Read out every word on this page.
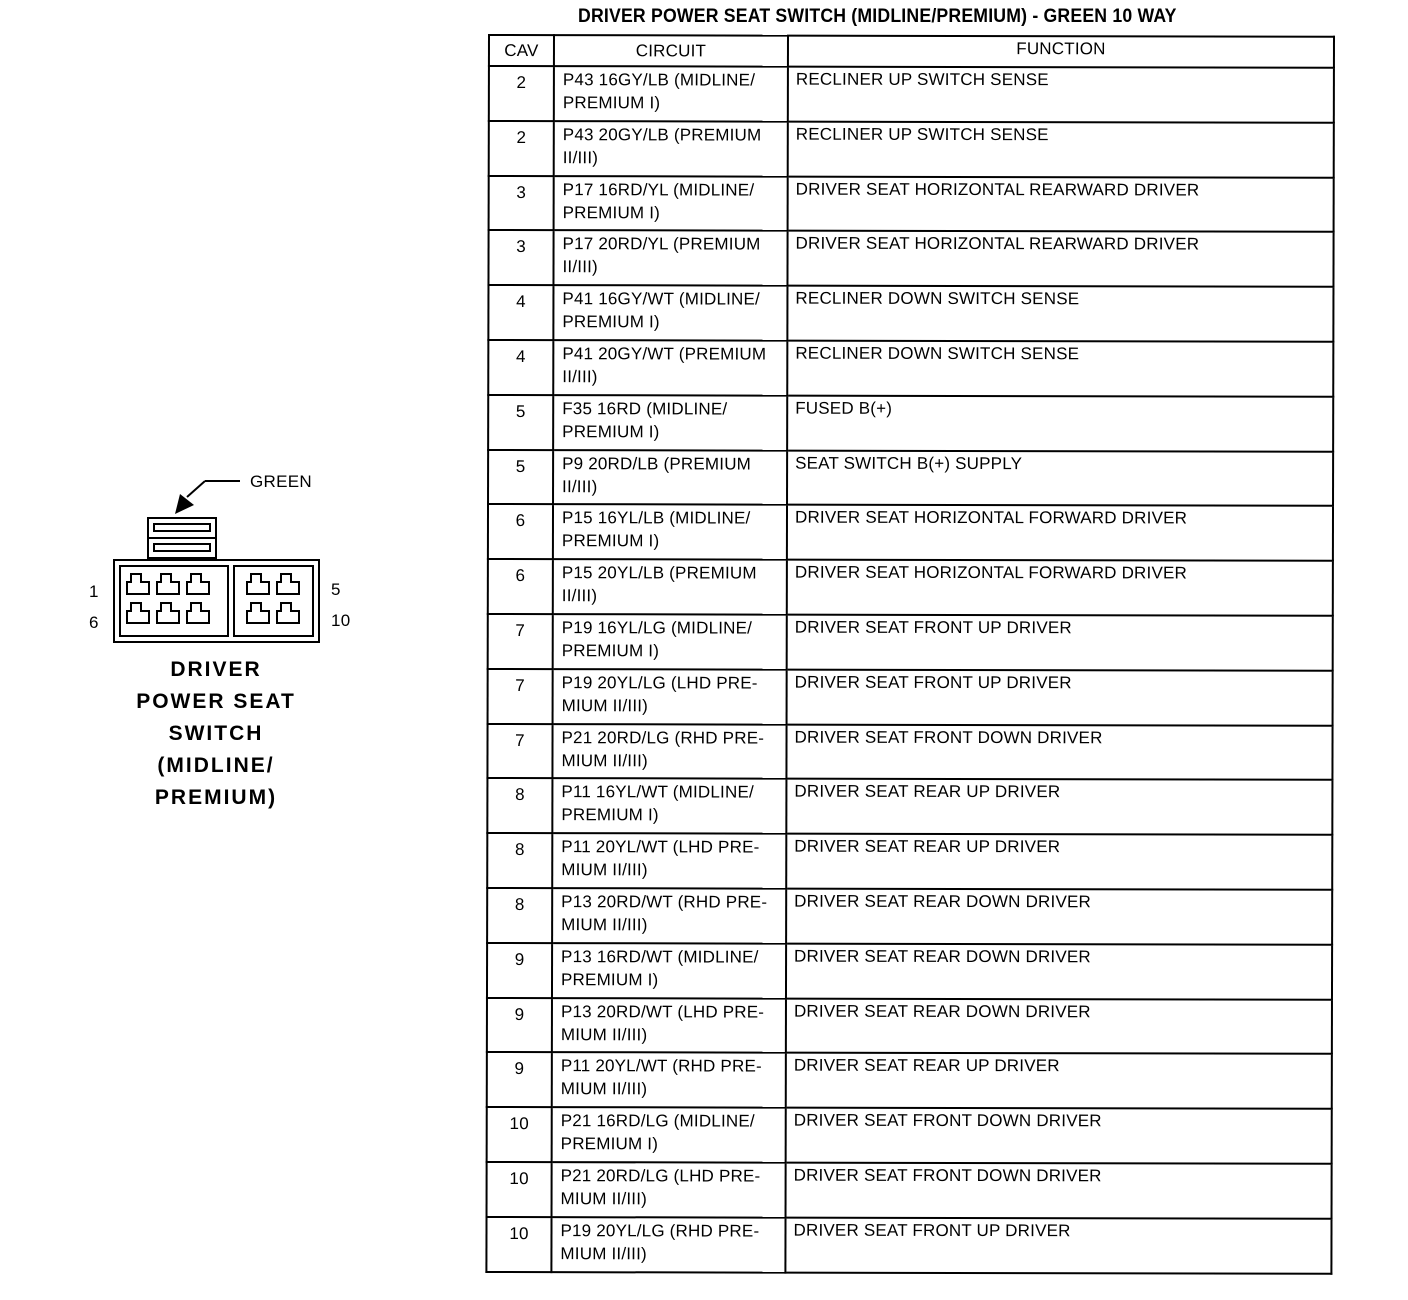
DRIVER POWER SEAT SWITCH (MIDLINE/PREMIUM) - GREEN 10 WAY
CAV	CIRCUIT	FUNCTION
2	P43 16GY/LB (MIDLINE/
PREMIUM I)	RECLINER UP SWITCH SENSE
2	P43 20GY/LB (PREMIUM
II/III)	RECLINER UP SWITCH SENSE
3	P17 16RD/YL (MIDLINE/
PREMIUM I)	DRIVER SEAT HORIZONTAL REARWARD DRIVER
3	P17 20RD/YL (PREMIUM
II/III)	DRIVER SEAT HORIZONTAL REARWARD DRIVER
4	P41 16GY/WT (MIDLINE/
PREMIUM I)	RECLINER DOWN SWITCH SENSE
4	P41 20GY/WT (PREMIUM
II/III)	RECLINER DOWN SWITCH SENSE
5	F35 16RD (MIDLINE/
PREMIUM I)	FUSED B(+)
5	P9 20RD/LB (PREMIUM
II/III)	SEAT SWITCH B(+) SUPPLY
6	P15 16YL/LB (MIDLINE/
PREMIUM I)	DRIVER SEAT HORIZONTAL FORWARD DRIVER
6	P15 20YL/LB (PREMIUM
II/III)	DRIVER SEAT HORIZONTAL FORWARD DRIVER
7	P19 16YL/LG (MIDLINE/
PREMIUM I)	DRIVER SEAT FRONT UP DRIVER
7	P19 20YL/LG (LHD PRE-
MIUM II/III)	DRIVER SEAT FRONT UP DRIVER
7	P21 20RD/LG (RHD PRE-
MIUM II/III)	DRIVER SEAT FRONT DOWN DRIVER
8	P11 16YL/WT (MIDLINE/
PREMIUM I)	DRIVER SEAT REAR UP DRIVER
8	P11 20YL/WT (LHD PRE-
MIUM II/III)	DRIVER SEAT REAR UP DRIVER
8	P13 20RD/WT (RHD PRE-
MIUM II/III)	DRIVER SEAT REAR DOWN DRIVER
9	P13 16RD/WT (MIDLINE/
PREMIUM I)	DRIVER SEAT REAR DOWN DRIVER
9	P13 20RD/WT (LHD PRE-
MIUM II/III)	DRIVER SEAT REAR DOWN DRIVER
9	P11 20YL/WT (RHD PRE-
MIUM II/III)	DRIVER SEAT REAR UP DRIVER
10	P21 16RD/LG (MIDLINE/
PREMIUM I)	DRIVER SEAT FRONT DOWN DRIVER
10	P21 20RD/LG (LHD PRE-
MIUM II/III)	DRIVER SEAT FRONT DOWN DRIVER
10	P19 20YL/LG (RHD PRE-
MIUM II/III)	DRIVER SEAT FRONT UP DRIVER
GREEN
1
6
5
10
DRIVER
POWER SEAT
SWITCH
(MIDLINE/
PREMIUM)
